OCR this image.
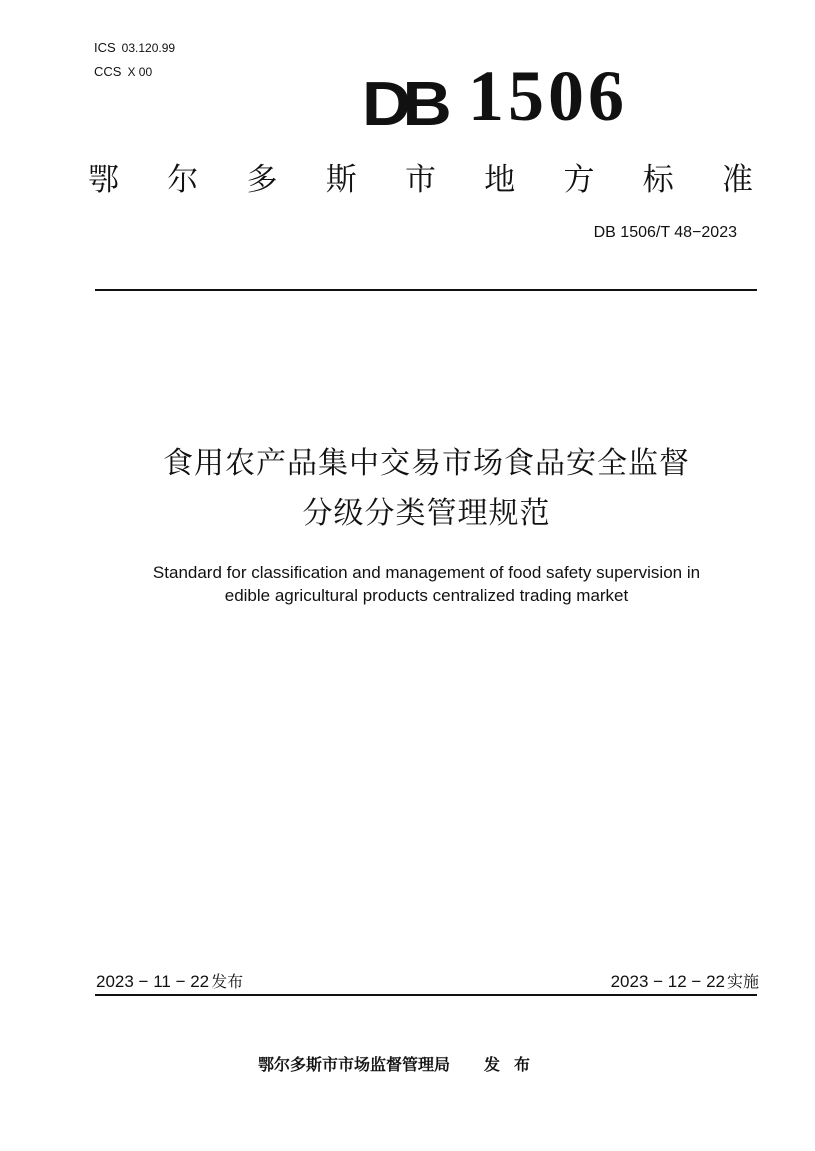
ICS 03.120.99
CCS X 00	DB 1506
鄂 尔 多 斯 市 地 方 标 准
DB 1506/T 48−2023
食用农产品集中交易市场食品安全监督
分级分类管理规范
Standard for classification and management of food safety supervision in
edible agricultural products centralized trading market
2023 − 11 − 22 发布	2023 − 12 − 22 实施
鄂尔多斯市市场监督管理局 发布
